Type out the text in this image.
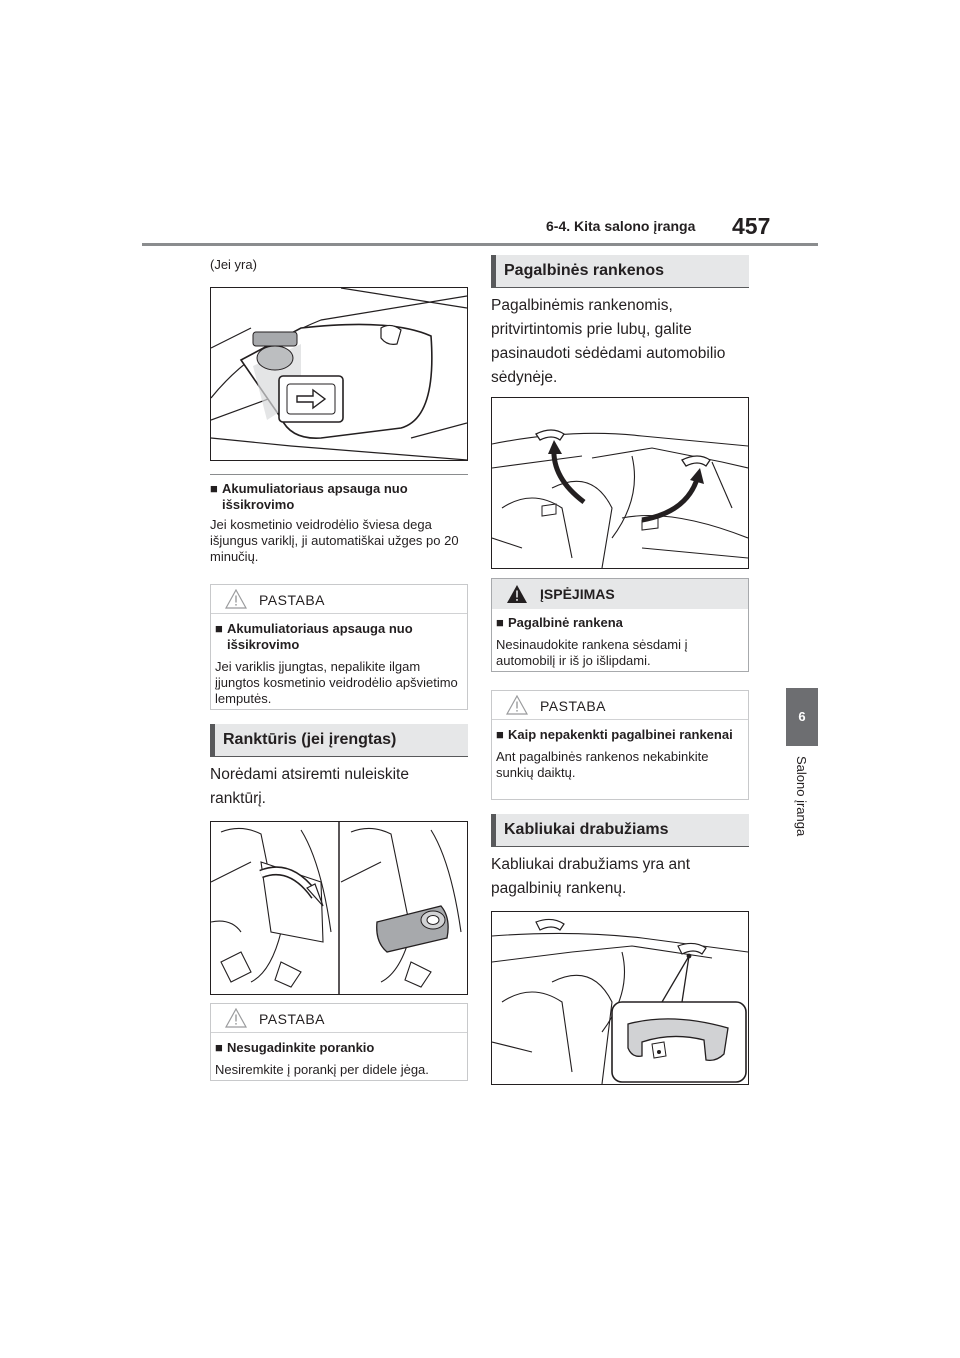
6-4. Kita salono įranga 457
6
Salono įranga
(Jei yra)
■ Akumuliatoriaus apsauga nuo išsikrovimo
Jei kosmetinio veidrodėlio šviesa dega išjungus variklį, ji automatiškai užges po 20 minučių.
PASTABA
■ Akumuliatoriaus apsauga nuo išsikrovimo
Jei variklis įjungtas, nepalikite ilgam įjungtos kosmetinio veidrodėlio apšvietimo lemputės.
Ranktūris (jei įrengtas)
Norėdami atsiremti nuleiskite ranktūrį.
PASTABA
■ Nesugadinkite porankio
Nesiremkite į porankį per didele jėga.
Pagalbinės rankenos
Pagalbinėmis rankenomis, pritvirtintomis prie lubų, galite pasinaudoti sėdėdami automobilio sėdynėje.
ĮSPĖJIMAS
■ Pagalbinė rankena
Nesinaudokite rankena sėsdami į automobilį ir iš jo išlipdami.
PASTABA
■ Kaip nepakenkti pagalbinei rankenai
Ant pagalbinės rankenos nekabinkite sunkių daiktų.
Kabliukai drabužiams
Kabliukai drabužiams yra ant pagalbinių rankenų.
